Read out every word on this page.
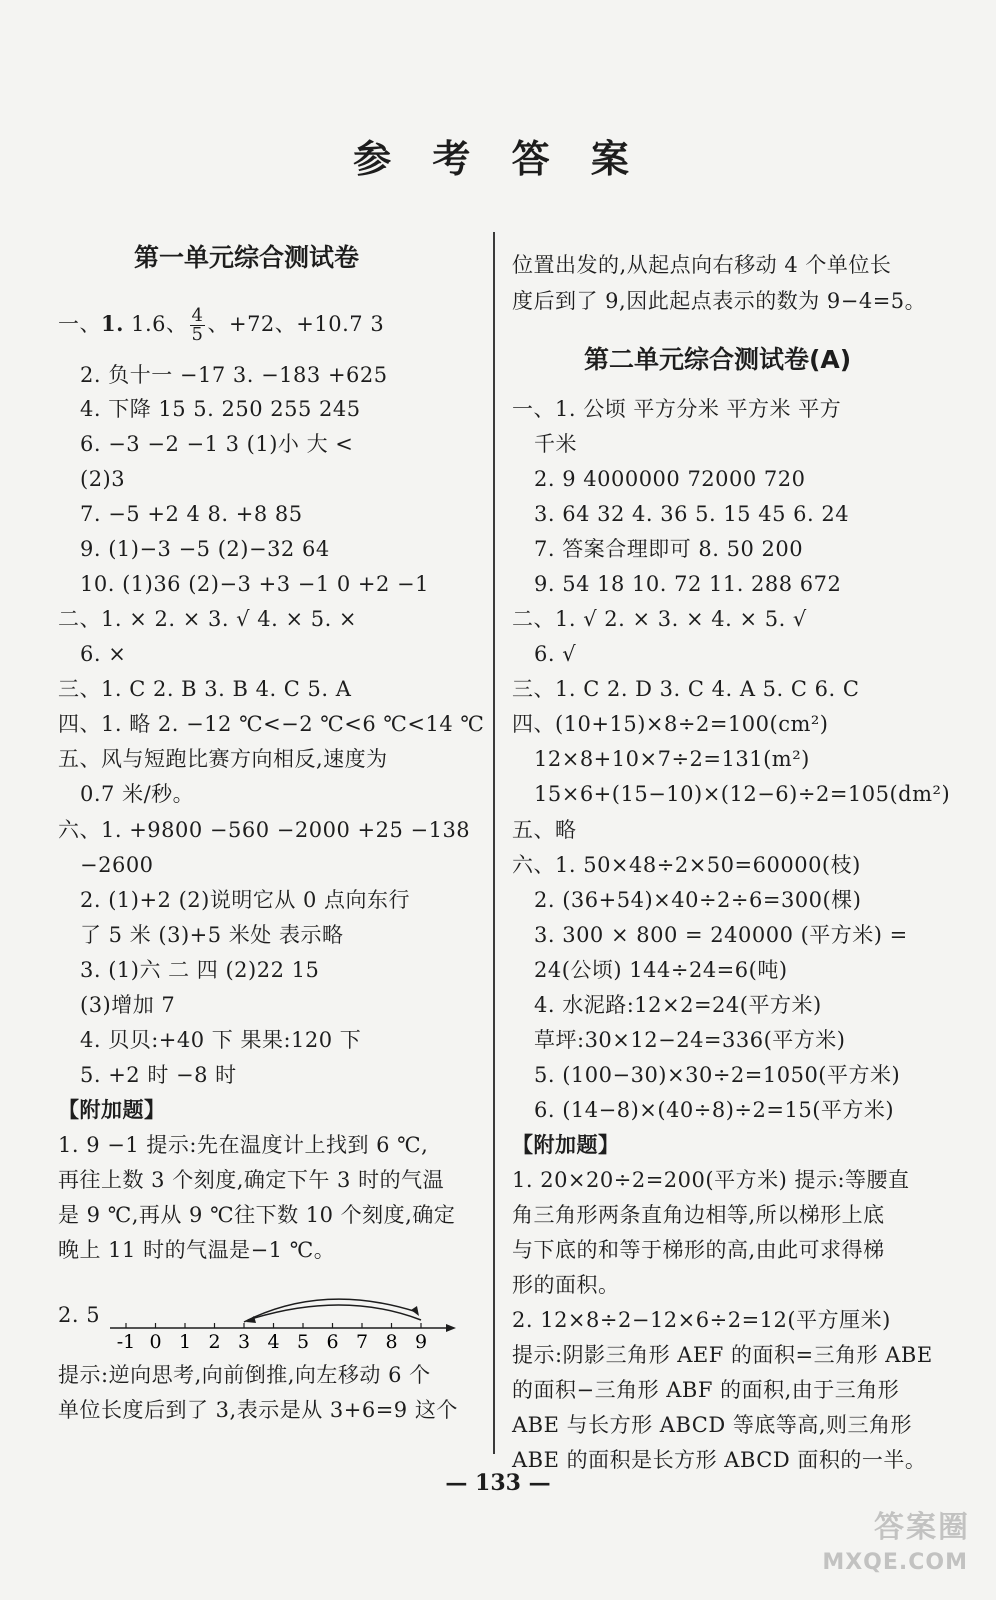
参 考 答 案
第一单元综合测试卷
一、1. 1.6、 $\frac{4}{5}$ 、+72、+10.7 3
2. 负十一 −17 3. −183 +625
4. 下降 15 5. 250 255 245
6. −3 −2 −1 3 (1)小 大 <
(2)3
7. −5 +2 4 8. +8 85
9. (1)−3 −5 (2)−32 64
10. (1)36 (2)−3 +3 −1 0 +2 −1
二、1. × 2. × 3. √ 4. × 5. ×
6. ×
三、1. C 2. B 3. B 4. C 5. A
四、1. 略 2. −12 ℃<−2 ℃<6 ℃<14 ℃
五、风与短跑比赛方向相反,速度为
0.7 米/秒。
六、1. +9800 −560 −2000 +25 −138
−2600
2. (1)+2 (2)说明它从 0 点向东行
了 5 米 (3)+5 米处 表示略
3. (1)六 二 四 (2)22 15
(3)增加 7
4. 贝贝:+40 下 果果:120 下
5. +2 时 −8 时
【附加题】
1. 9 −1 提示:先在温度计上找到 6 ℃,
再往上数 3 个刻度,确定下午 3 时的气温
是 9 ℃,再从 9 ℃往下数 10 个刻度,确定
晚上 11 时的气温是−1 ℃。
2. 5
提示:逆向思考,向前倒推,向左移动 6 个
单位长度后到了 3,表示是从 3+6=9 这个
-1 0 1 2 3 4 5 6 7 8 9
位置出发的,从起点向右移动 4 个单位长
度后到了 9,因此起点表示的数为 9−4=5。
第二单元综合测试卷(A)
一、1. 公顷 平方分米 平方米 平方
千米
2. 9 4000000 72000 720
3. 64 32 4. 36 5. 15 45 6. 24
7. 答案合理即可 8. 50 200
9. 54 18 10. 72 11. 288 672
二、1. √ 2. × 3. × 4. × 5. √
6. √
三、1. C 2. D 3. C 4. A 5. C 6. C
四、(10+15)×8÷2=100(cm²)
12×8+10×7÷2=131(m²)
15×6+(15−10)×(12−6)÷2=105(dm²)
五、略
六、1. 50×48÷2×50=60000(枝)
2. (36+54)×40÷2÷6=300(棵)
3. 300 × 800 = 240000 (平方米) =
24(公顷) 144÷24=6(吨)
4. 水泥路:12×2=24(平方米)
草坪:30×12−24=336(平方米)
5. (100−30)×30÷2=1050(平方米)
6. (14−8)×(40÷8)÷2=15(平方米)
【附加题】
1. 20×20÷2=200(平方米) 提示:等腰直
角三角形两条直角边相等,所以梯形上底
与下底的和等于梯形的高,由此可求得梯
形的面积。
2. 12×8÷2−12×6÷2=12(平方厘米)
提示:阴影三角形 AEF 的面积=三角形 ABE
的面积−三角形 ABF 的面积,由于三角形
ABE 与长方形 ABCD 等底等高,则三角形
ABE 的面积是长方形 ABCD 面积的一半。
— 133 —
答案圈
MXQE.COM
